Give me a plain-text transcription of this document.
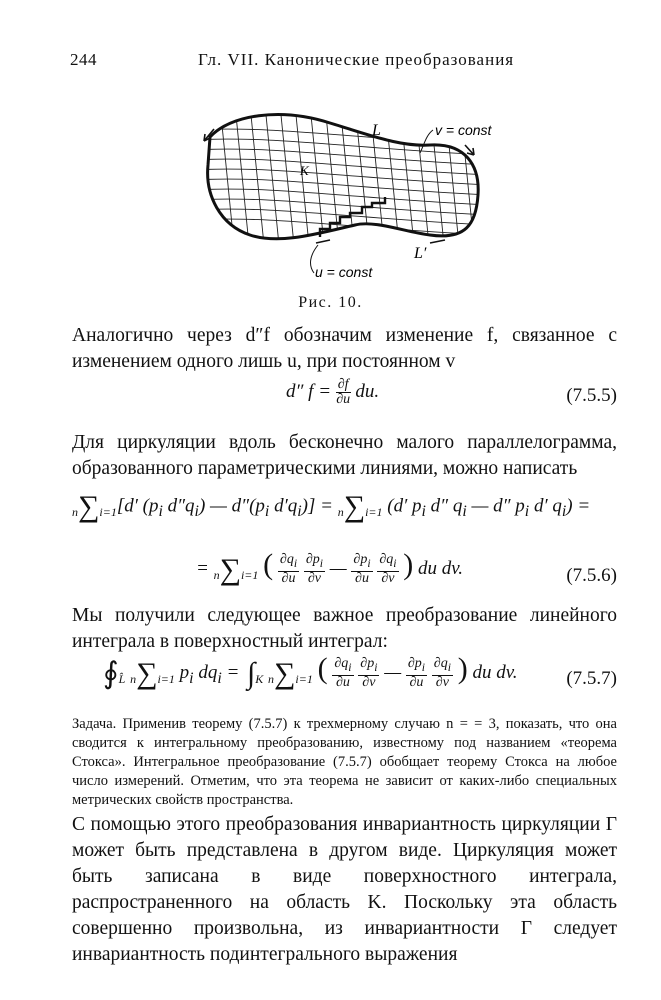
244	Гл. VII. Канонические преобразования
L	v = const
K
L′
u = const
Рис. 10.
Аналогично через d″f обозначим изменение f, связанное с изменением одного лишь u, при постоянном v
d″ $f = \frac{\partial f}{\partial u}$ du.	(7.5.5)
Для циркуляции вдоль бесконечно малого параллелограмма, образованного параметрическими линиями, можно написать
n∑i=1[d′ ($p_i$ $d''q_i$) — $d''(p_i$ $d'q_i)] = n\sum i=1$ (d′ $p_i$ d″ $q_i$ — d″ $p_i$ d′ $q_i$) =
= n∑i=1 ( $\frac{\partial q_i}{\partial u}$
$\frac{\partial p_i}{\partial v}$ — $\frac{\partial p_i}{\partial u}$
$\frac{\partial q_i}{\partial v}$ ) du dv.	(7.5.6)
Мы получили следующее важное преобразование линейного интеграла в поверхностный интеграл:
∮L̂ n∑i=1 $p_i$ $dq_i = \int K$ n∑i=1 ( $\frac{\partial q_i}{\partial u}$
$\frac{\partial p_i}{\partial v}$ — $\frac{\partial p_i}{\partial u}$
$\frac{\partial q_i}{\partial v}$ ) du dv.	(7.5.7)
Задача. Применив теорему (7.5.7) к трехмерному случаю n = = 3, показать, что она сводится к интегральному преобразованию, известному под названием «теорема Стокса». Интегральное преобразование (7.5.7) обобщает теорему Стокса на любое число измерений. Отметим, что эта теорема не зависит от каких-либо специальных метрических свойств пространства.
С помощью этого преобразования инвариантность циркуляции Γ может быть представлена в другом виде. Циркуляция может быть записана в виде поверхностного интеграла, распространенного на область K. Поскольку эта область совершенно произвольна, из инвариантности Γ следует инвариантность подинтегрального выражения
